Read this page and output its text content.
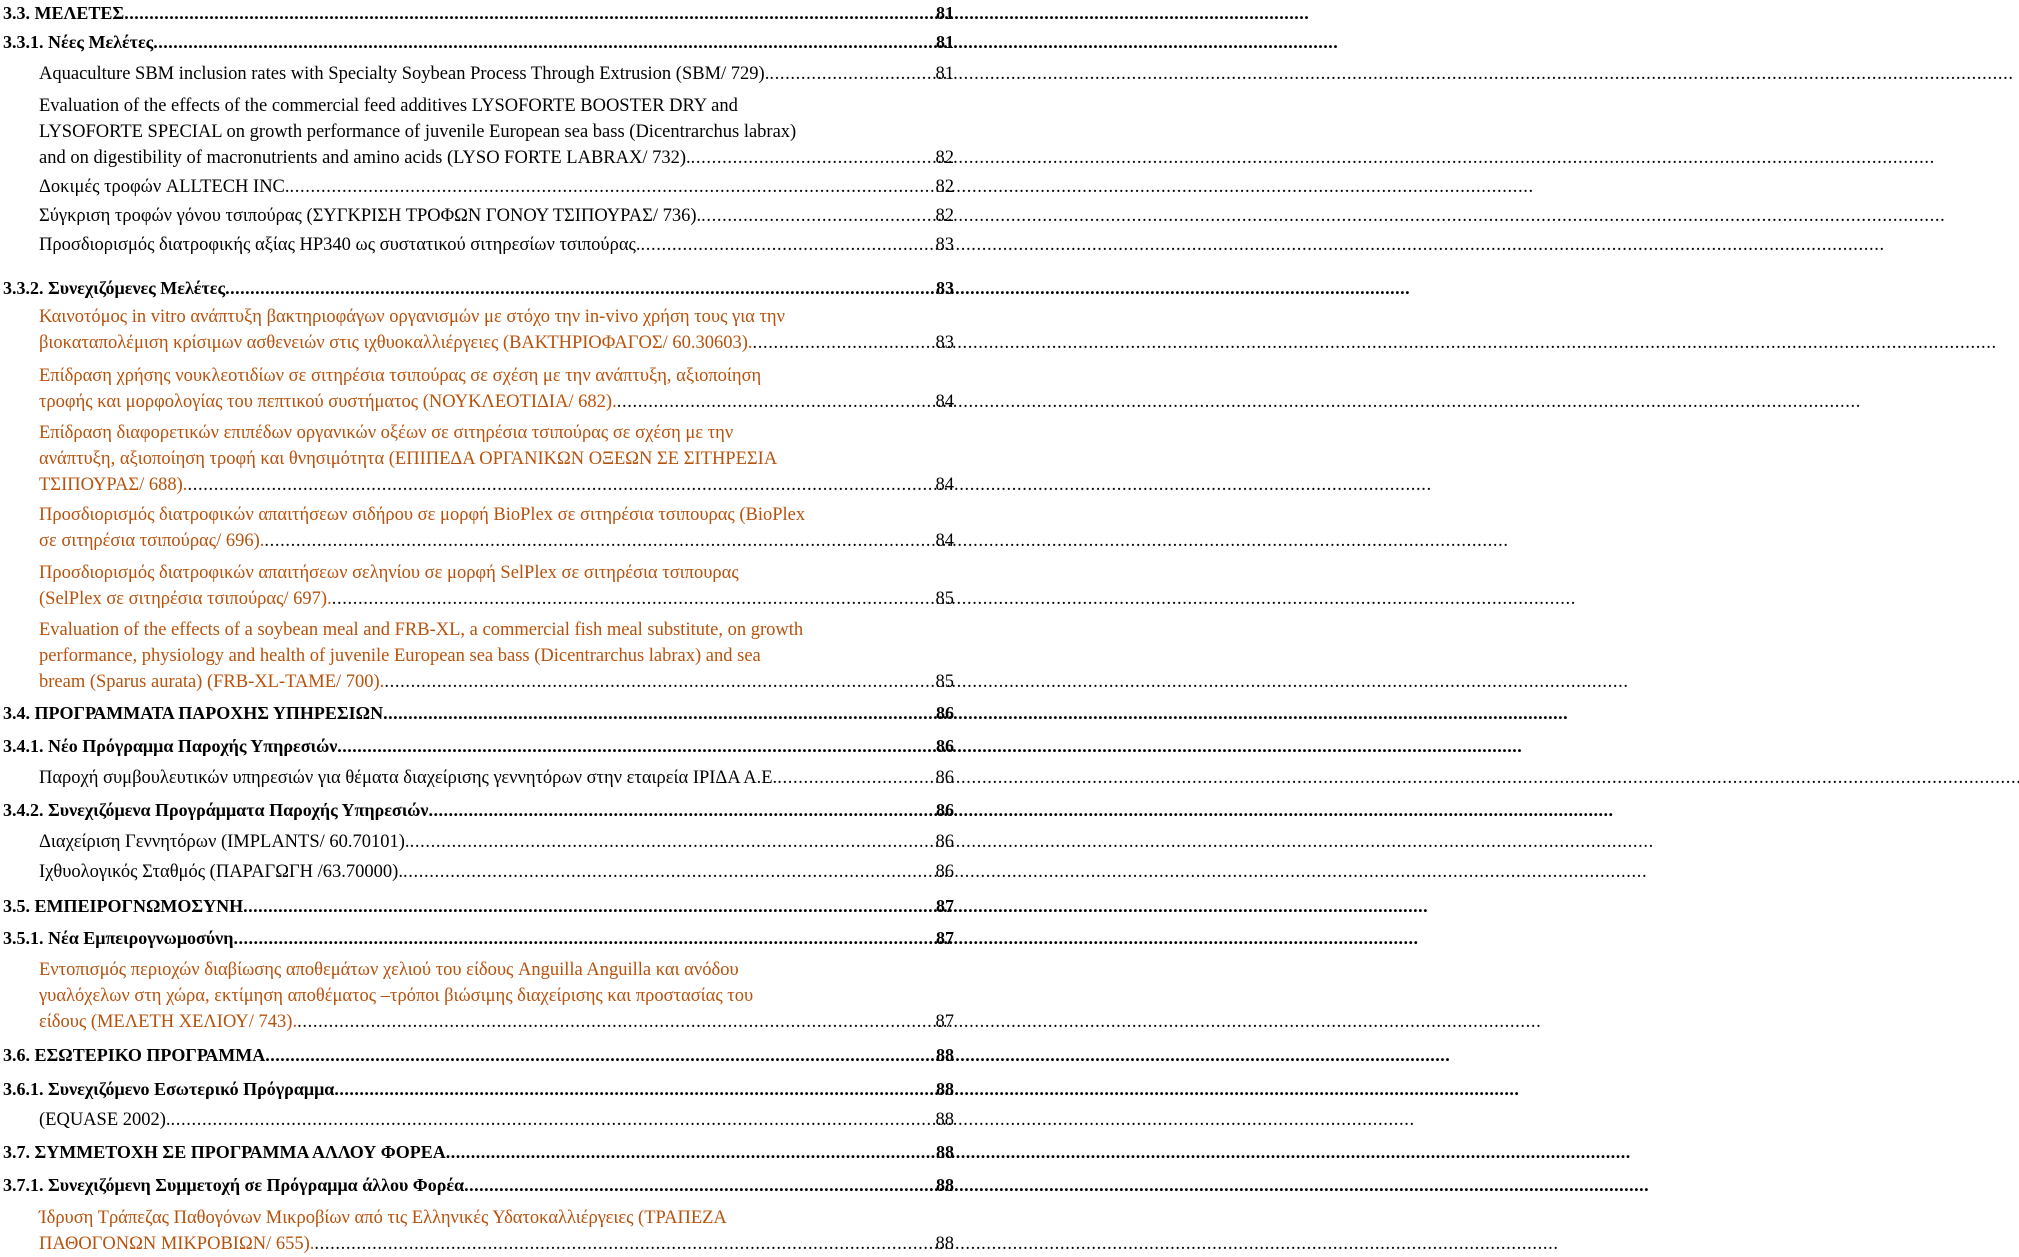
3.3. ΜΕΛΕΤΕΣ . . .	81
3.3.1. Νέες Μελέτες . . .	81
Aquaculture SBM inclusion rates with Specialty Soybean Process Through Extrusion (SBM/ 729). . . .	81
Evaluation of the effects of the commercial feed additives LYSOFORTE BOOSTER DRY and
LYSOFORTE SPECIAL on growth performance of juvenile European sea bass (Dicentrarchus labrax)
and on digestibility of macronutrients and amino acids (LYSO FORTE LABRAX/ 732). . . .	82
Δοκιμές τροφών ALLTECH INC. . . .	82
Σύγκριση τροφών γόνου τσιπούρας (ΣΥΓΚΡΙΣΗ ΤΡΟΦΩΝ ΓΟΝΟΥ ΤΣΙΠΟΥΡΑΣ/ 736). . . .	82
Προσδιορισμός διατροφικής αξίας HP340 ως συστατικού σιτηρεσίων τσιπούρας. . . .	83
3.3.2. Συνεχιζόμενες Μελέτες . . .	83
Καινοτόμος in vitro ανάπτυξη βακτηριοφάγων οργανισμών με στόχο την in-vivo χρήση τους για την
βιοκαταπολέμιση κρίσιμων ασθενειών στις ιχθυοκαλλιέργειες (ΒΑΚΤΗΡΙΟΦΑΓΟΣ/ 60.30603). . . .	83
Επίδραση χρήσης νουκλεοτιδίων σε σιτηρέσια τσιπούρας σε σχέση με την ανάπτυξη, αξιοποίηση
τροφής και μορφολογίας του πεπτικού συστήματος (ΝΟΥΚΛΕΟΤΙΔΙΑ/ 682). . . .	84
Επίδραση διαφορετικών επιπέδων οργανικών οξέων σε σιτηρέσια τσιπούρας σε σχέση με την
ανάπτυξη, αξιοποίηση τροφή και θνησιμότητα (ΕΠΙΠΕΔΑ ΟΡΓΑΝΙΚΩΝ ΟΞΕΩΝ ΣΕ ΣΙΤΗΡΕΣΙΑ
ΤΣΙΠΟΥΡΑΣ/ 688). . . .	84
Προσδιορισμός διατροφικών απαιτήσεων σιδήρου σε μορφή BioPlex σε σιτηρέσια τσιπουρας (BioPlex
σε σιτηρέσια τσιπούρας/ 696). . . .	84
Προσδιορισμός διατροφικών απαιτήσεων σεληνίου σε μορφή SelPlex σε σιτηρέσια τσιπουρας
(SelPlex σε σιτηρέσια τσιπούρας/ 697). . . .	85
Evaluation of the effects of a soybean meal and FRB-XL, a commercial fish meal substitute, on growth
performance, physiology and health of juvenile European sea bass (Dicentrarchus labrax) and sea
bream (Sparus aurata) (FRB-XL-TAME/ 700). . . .	85
3.4. ΠΡΟΓΡΑΜΜΑΤΑ ΠΑΡΟΧΗΣ ΥΠΗΡΕΣΙΩΝ . . .	86
3.4.1. Νέο Πρόγραμμα Παροχής Υπηρεσιών . . .	86
Παροχή συμβουλευτικών υπηρεσιών για θέματα διαχείρισης γεννητόρων στην εταιρεία ΙΡΙΔΑ Α.Ε. . . .	86
3.4.2. Συνεχιζόμενα Προγράμματα Παροχής Υπηρεσιών . . .	86
Διαχείριση Γεννητόρων (IMPLANTS/ 60.70101). . . .	86
Ιχθυολογικός Σταθμός (ΠΑΡΑΓΩΓΗ /63.70000). . . .	86
3.5. ΕΜΠΕΙΡΟΓΝΩΜΟΣΥΝΗ . . .	87
3.5.1. Νέα Εμπειρογνωμοσύνη . . .	87
Εντοπισμός περιοχών διαβίωσης αποθεμάτων χελιού του είδους Anguilla Anguilla και ανόδου
γυαλόχελων στη χώρα, εκτίμηση αποθέματος –τρόποι βιώσιμης διαχείρισης και προστασίας του
είδους (ΜΕΛΕΤΗ ΧΕΛΙΟΥ/ 743). . . .	87
3.6. ΕΣΩΤΕΡΙΚΟ ΠΡΟΓΡΑΜΜΑ . . .	88
3.6.1. Συνεχιζόμενο Εσωτερικό Πρόγραμμα . . .	88
(EQUASE 2002). . . .	88
3.7. ΣΥΜΜΕΤΟΧΗ ΣΕ ΠΡΟΓΡΑΜΜΑ ΑΛΛΟΥ ΦΟΡΕΑ . . .	88
3.7.1. Συνεχιζόμενη Συμμετοχή σε Πρόγραμμα άλλου Φορέα . . .	88
Ίδρυση Τράπεζας Παθογόνων Μικροβίων από τις Ελληνικές Υδατοκαλλιέργειες (ΤΡΑΠΕΖΑ
ΠΑΘΟΓΟΝΩΝ ΜΙΚΡΟΒΙΩΝ/ 655). . . .	88
